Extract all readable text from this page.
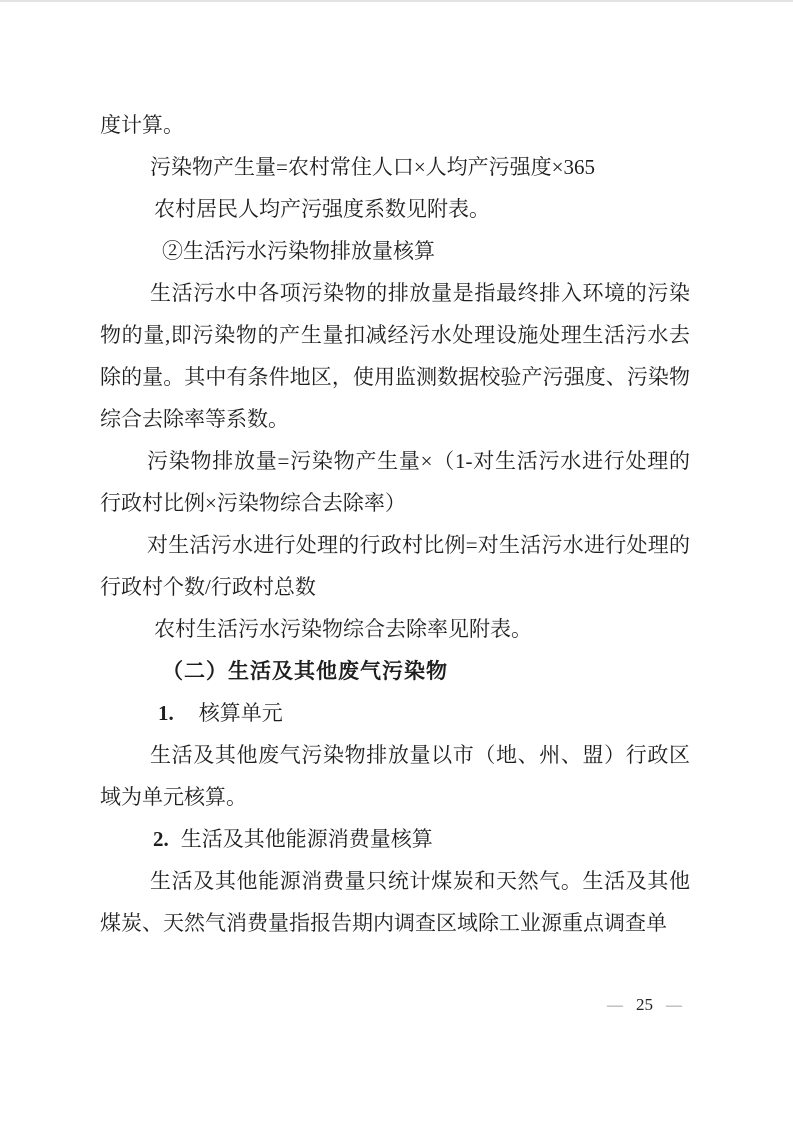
度计算。

污染物产生量=农村常住人口×人均产污强度×365

农村居民人均产污强度系数见附表。

②生活污水污染物排放量核算

生活污水中各项污染物的排放量是指最终排入环境的污染物的量,即污染物的产生量扣减经污水处理设施处理生活污水去除的量。其中有条件地区，使用监测数据校验产污强度、污染物综合去除率等系数。

污染物排放量=污染物产生量×（1-对生活污水进行处理的行政村比例×污染物综合去除率）

对生活污水进行处理的行政村比例=对生活污水进行处理的行政村个数/行政村总数

农村生活污水污染物综合去除率见附表。

（二）生活及其他废气污染物

1. 核算单元

生活及其他废气污染物排放量以市（地、州、盟）行政区域为单元核算。

2. 生活及其他能源消费量核算

生活及其他能源消费量只统计煤炭和天然气。生活及其他煤炭、天然气消费量指报告期内调查区域除工业源重点调查单

— 25 —
